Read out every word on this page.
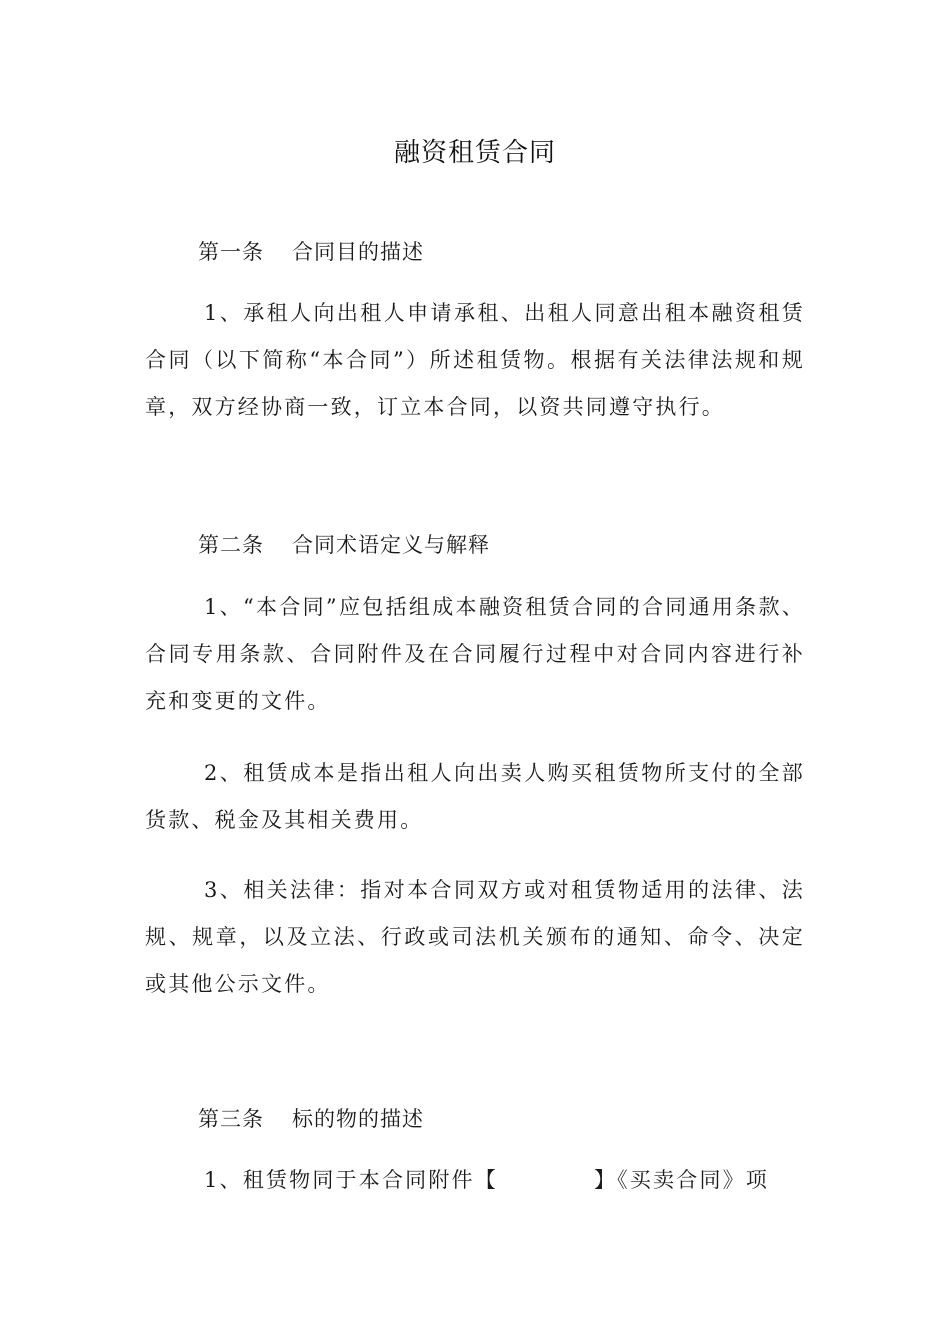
融资租赁合同
第一条 合同目的描述

1、承租人向出租人申请承租、出租人同意出租本融资租赁合同（以下简称“本合同”）所述租赁物。根据有关法律法规和规章，双方经协商一致，订立本合同，以资共同遵守执行。

第二条 合同术语定义与解释

1、“本合同”应包括组成本融资租赁合同的合同通用条款、合同专用条款、合同附件及在合同履行过程中对合同内容进行补充和变更的文件。

2、租赁成本是指出租人向出卖人购买租赁物所支付的全部货款、税金及其相关费用。

3、相关法律：指对本合同双方或对租赁物适用的法律、法规、规章，以及立法、行政或司法机关颁布的通知、命令、决定或其他公示文件。

第三条 标的物的描述

1、租赁物同于本合同附件【	】《买卖合同》项
